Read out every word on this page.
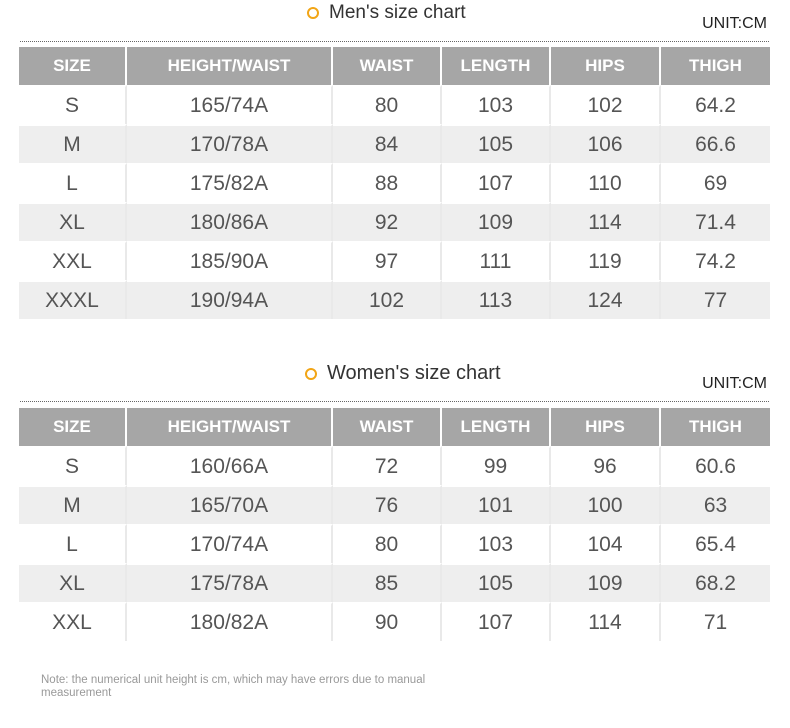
Men's size chart
UNIT:CM
SIZE	HEIGHT/WAIST	WAIST	LENGTH	HIPS	THIGH
S	165/74A	80	103	102	64.2
M	170/78A	84	105	106	66.6
L	175/82A	88	107	110	69
XL	180/86A	92	109	114	71.4
XXL	185/90A	97	111	119	74.2
XXXL	190/94A	102	113	124	77
Women's size chart	UNIT:CM
SIZE	HEIGHT/WAIST	WAIST	LENGTH	HIPS	THIGH
S	160/66A	72	99	96	60.6
M	165/70A	76	101	100	63
L	170/74A	80	103	104	65.4
XL	175/78A	85	105	109	68.2
XXL	180/82A	90	107	114	71
Note: the numerical unit height is cm, which may have errors due to manual measurement
